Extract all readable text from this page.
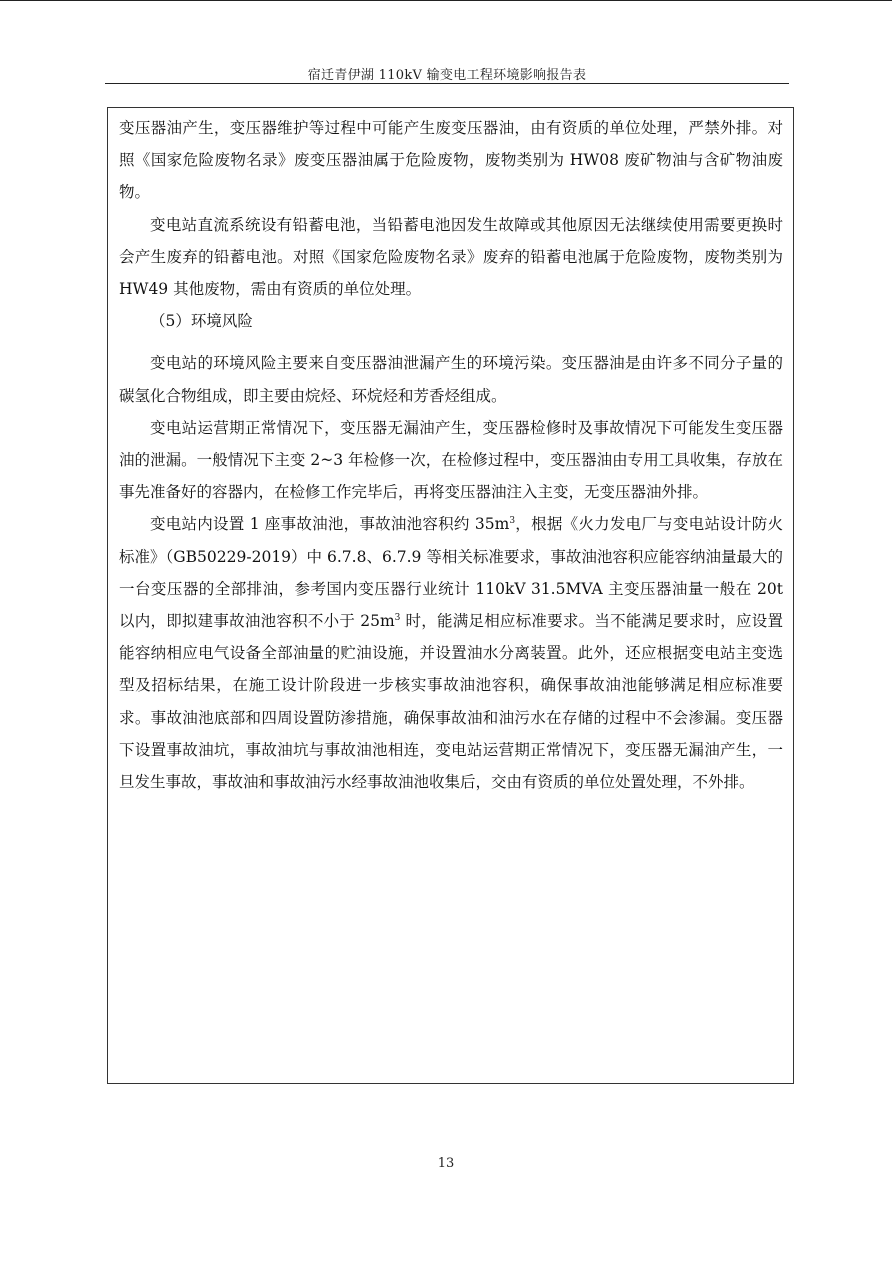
宿迁青伊湖 110kV 输变电工程环境影响报告表

变压器油产生，变压器维护等过程中可能产生废变压器油，由有资质的单位处理，严禁外排。对照《国家危险废物名录》废变压器油属于危险废物，废物类别为 HW08 废矿物油与含矿物油废物。

变电站直流系统设有铅蓄电池，当铅蓄电池因发生故障或其他原因无法继续使用需要更换时会产生废弃的铅蓄电池。对照《国家危险废物名录》废弃的铅蓄电池属于危险废物，废物类别为 HW49 其他废物，需由有资质的单位处理。

（5）环境风险

变电站的环境风险主要来自变压器油泄漏产生的环境污染。变压器油是由许多不同分子量的碳氢化合物组成，即主要由烷烃、环烷烃和芳香烃组成。

变电站运营期正常情况下，变压器无漏油产生，变压器检修时及事故情况下可能发生变压器油的泄漏。一般情况下主变 2~3 年检修一次，在检修过程中，变压器油由专用工具收集，存放在事先准备好的容器内，在检修工作完毕后，再将变压器油注入主变，无变压器油外排。

变电站内设置 1 座事故油池，事故油池容积约 $35m^3$，根据《火力发电厂与变电站设计防火标准》（GB50229-2019）中 6.7.8、6.7.9 等相关标准要求，事故油池容积应能容纳油量最大的一台变压器的全部排油，参考国内变压器行业统计 110kV 31.5MVA 主变压器油量一般在 20t 以内，即拟建事故油池容积不小于 $25m^3$ 时，能满足相应标准要求。当不能满足要求时，应设置能容纳相应电气设备全部油量的贮油设施，并设置油水分离装置。此外，还应根据变电站主变选型及招标结果，在施工设计阶段进一步核实事故油池容积，确保事故油池能够满足相应标准要求。事故油池底部和四周设置防渗措施，确保事故油和油污水在存储的过程中不会渗漏。变压器下设置事故油坑，事故油坑与事故油池相连，变电站运营期正常情况下，变压器无漏油产生，一旦发生事故，事故油和事故油污水经事故油池收集后，交由有资质的单位处置处理，不外排。

13
